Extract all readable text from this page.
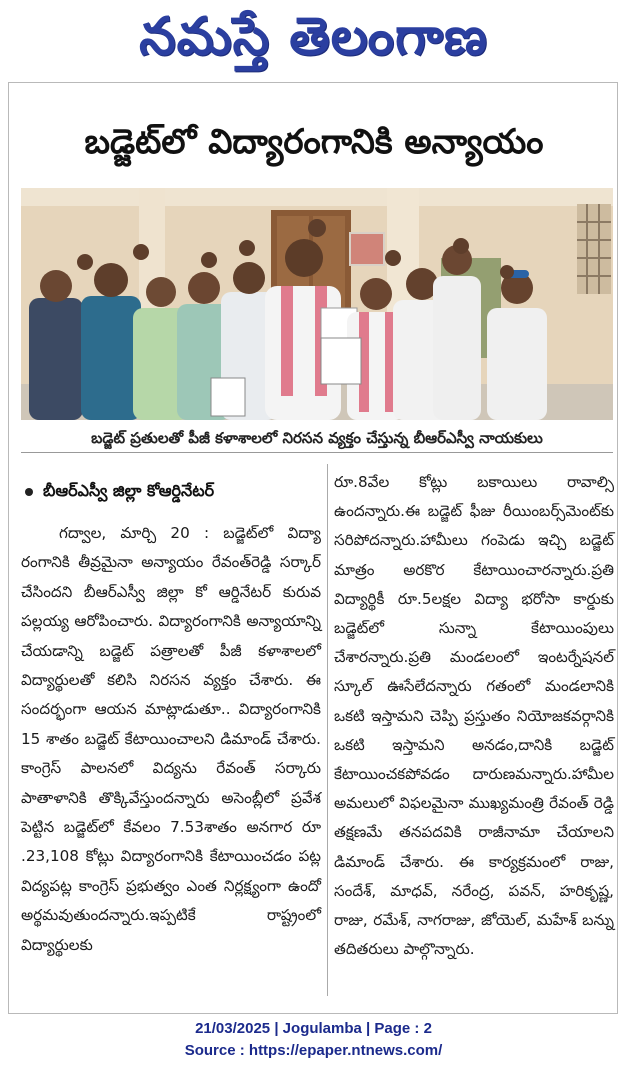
నమస్తే తెలంగాణ
బడ్జెట్‌లో విద్యారంగానికి అన్యాయం
బడ్జెట్ ప్రతులతో పీజీ కళాశాలలో నిరసన వ్యక్తం చేస్తున్న బీఆర్‌ఎస్వీ నాయకులు
బీఆర్‌ఎస్వీ జిల్లా కోఆర్డినేటర్
గద్వాల, మార్చి 20 : బడ్జెట్‌లో విద్యా రంగానికి తీవ్రమైనా అన్యాయం రేవంత్‌రెడ్డి సర్కార్ చేసిందని బీఆర్‌ఎస్వీ జిల్లా కో ఆర్డినేటర్ కురువ పల్లయ్య ఆరోపించారు. విద్యారంగానికి అన్యాయాన్ని చేయడాన్ని బడ్జెట్ పత్రాలతో పీజీ కళాశాలలో విద్యార్థులతో కలిసి నిరసన వ్యక్తం చేశారు. ఈ సందర్భంగా ఆయన మాట్లాడుతూ.. విద్యారంగానికి 15 శాతం బడ్జెట్ కేటాయించాలని డిమాండ్ చేశారు. కాంగ్రెస్ పాలనలో విద్యను రేవంత్ సర్కారు పాతాళానికి తొక్కివేస్తుందన్నారు అసెంబ్లీలో ప్రవేశ పెట్టిన బడ్జెట్‌లో కేవలం 7.53శాతం అనగార రూ .23,108 కోట్లు విద్యారంగానికి కేటాయించడం పట్ల విద్యపట్ల కాంగ్రెస్ ప్రభుత్వం ఎంత నిర్లక్ష్యంగా ఉందో అర్థమవుతుందన్నారు.ఇప్పటికే రాష్ట్రంలో విద్యార్థులకు
రూ.8వేల కోట్లు బకాయిలు రావాల్సి ఉందన్నారు.ఈ బడ్జెట్ ఫీజు రీయింబర్స్‌మెంట్‌కు సరిపోదన్నారు.హామీలు గంపెడు ఇచ్చి బడ్జెట్ మాత్రం అరకొర కేటాయించారన్నారు.ప్రతి విద్యార్థికీ రూ.5లక్షల విద్యా భరోసా కార్డుకు బడ్జెట్‌లో సున్నా కేటాయింపులు చేశారన్నారు.ప్రతి మండలంలో ఇంటర్నేషనల్ స్కూల్ ఊసేలేదన్నారు గతంలో మండలానికి ఒకటి ఇస్తామని చెప్పి ప్రస్తుతం నియోజకవర్గానికి ఒకటి ఇస్తామని అనడం,దానికి బడ్జెట్ కేటాయించకపోవడం దారుణమన్నారు.హామీల అమలులో విఫలమైనా ముఖ్యమంత్రి రేవంత్ రెడ్డి తక్షణమే తనపదవికి రాజీనామా చేయాలని డిమాండ్ చేశారు. ఈ కార్యక్రమంలో రాజు, సందేశ్, మాధవ్, నరేంద్ర, పవన్, హరికృష్ణ, రాజు, రమేశ్, నాగరాజు, జోయెల్, మహేశ్ బన్ను తదితరులు పాల్గొన్నారు.
21/03/2025 | Jogulamba | Page : 2
Source : https://epaper.ntnews.com/
